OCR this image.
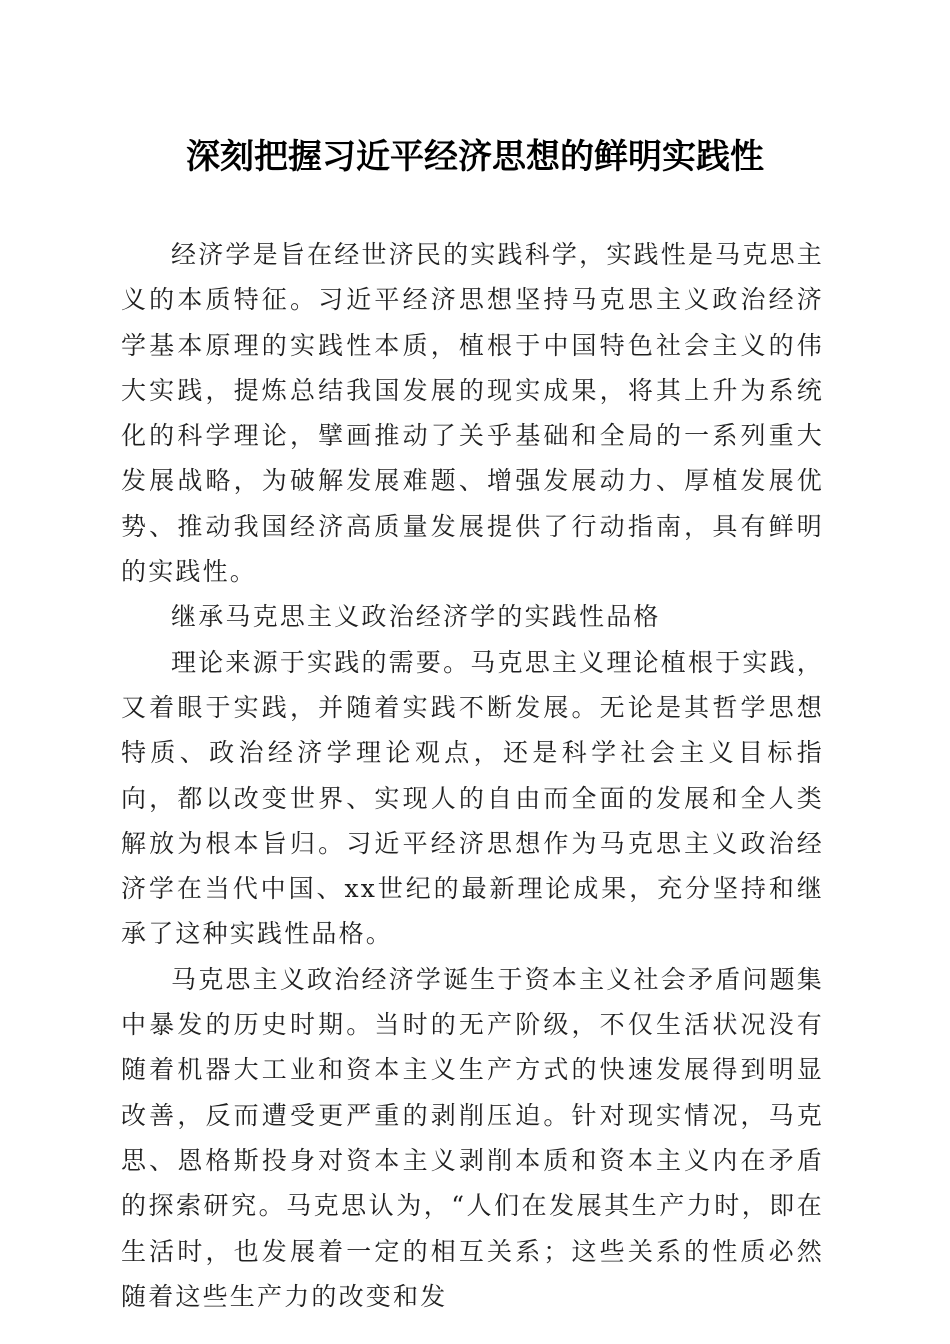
深刻把握习近平经济思想的鲜明实践性

经济学是旨在经世济民的实践科学，实践性是马克思主义的本质特征。习近平经济思想坚持马克思主义政治经济学基本原理的实践性本质，植根于中国特色社会主义的伟大实践，提炼总结我国发展的现实成果，将其上升为系统化的科学理论，擘画推动了关乎基础和全局的一系列重大发展战略，为破解发展难题、增强发展动力、厚植发展优势、推动我国经济高质量发展提供了行动指南，具有鲜明的实践性。

继承马克思主义政治经济学的实践性品格

理论来源于实践的需要。马克思主义理论植根于实践，又着眼于实践，并随着实践不断发展。无论是其哲学思想特质、政治经济学理论观点，还是科学社会主义目标指向，都以改变世界、实现人的自由而全面的发展和全人类解放为根本旨归。习近平经济思想作为马克思主义政治经济学在当代中国、xx世纪的最新理论成果，充分坚持和继承了这种实践性品格。

马克思主义政治经济学诞生于资本主义社会矛盾问题集中暴发的历史时期。当时的无产阶级，不仅生活状况没有随着机器大工业和资本主义生产方式的快速发展得到明显改善，反而遭受更严重的剥削压迫。针对现实情况，马克思、恩格斯投身对资本主义剥削本质和资本主义内在矛盾的探索研究。马克思认为，“人们在发展其生产力时，即在生活时，也发展着一定的相互关系；这些关系的性质必然随着这些生产力的改变和发
